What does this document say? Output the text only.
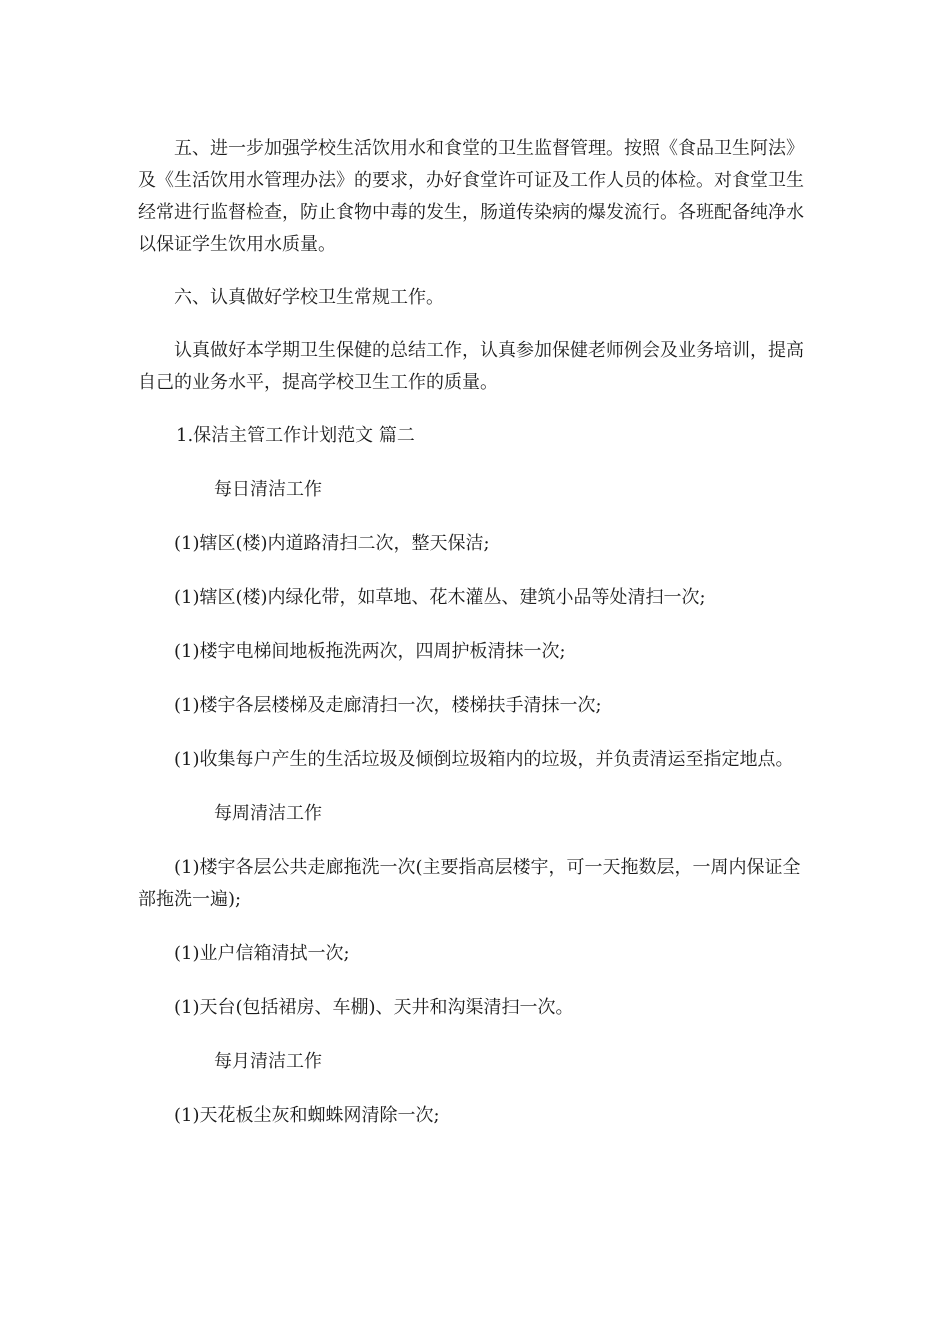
五、进一步加强学校生活饮用水和食堂的卫生监督管理。按照《食品卫生阿法》及《生活饮用水管理办法》的要求，办好食堂许可证及工作人员的体检。对食堂卫生经常进行监督检查，防止食物中毒的发生，肠道传染病的爆发流行。各班配备纯净水以保证学生饮用水质量。

六、认真做好学校卫生常规工作。

认真做好本学期卫生保健的总结工作，认真参加保健老师例会及业务培训，提高自己的业务水平，提高学校卫生工作的质量。

1.保洁主管工作计划范文 篇二

每日清洁工作

(1)辖区(楼)内道路清扫二次，整天保洁;

(1)辖区(楼)内绿化带，如草地、花木灌丛、建筑小品等处清扫一次;

(1)楼宇电梯间地板拖洗两次，四周护板清抹一次;

(1)楼宇各层楼梯及走廊清扫一次，楼梯扶手清抹一次;

(1)收集每户产生的生活垃圾及倾倒垃圾箱内的垃圾，并负责清运至指定地点。

每周清洁工作

(1)楼宇各层公共走廊拖洗一次(主要指高层楼宇，可一天拖数层，一周内保证全部拖洗一遍);

(1)业户信箱清拭一次;

(1)天台(包括裙房、车棚)、天井和沟渠清扫一次。

每月清洁工作

(1)天花板尘灰和蜘蛛网清除一次;
